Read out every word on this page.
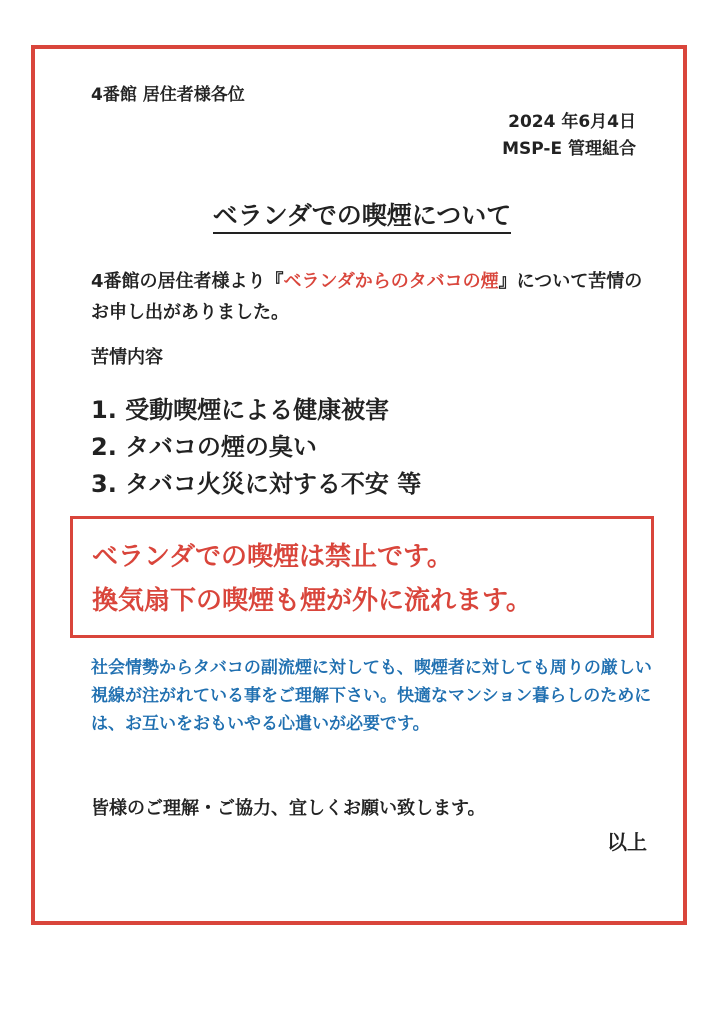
4番館 居住者様各位
2024 年6月4日
MSP-E 管理組合
ベランダでの喫煙について
4番館の居住者様より『ベランダからのタバコの煙』について苦情のお申し出がありました。
苦情内容
1. 受動喫煙による健康被害
2. タバコの煙の臭い
3. タバコ火災に対する不安 等
ベランダでの喫煙は禁止です。
換気扇下の喫煙も煙が外に流れます。
社会情勢からタバコの副流煙に対しても、喫煙者に対しても周りの厳しい視線が注がれている事をご理解下さい。快適なマンション暮らしのためには、お互いをおもいやる心遣いが必要です。
皆様のご理解・ご協力、宜しくお願い致します。
以上
